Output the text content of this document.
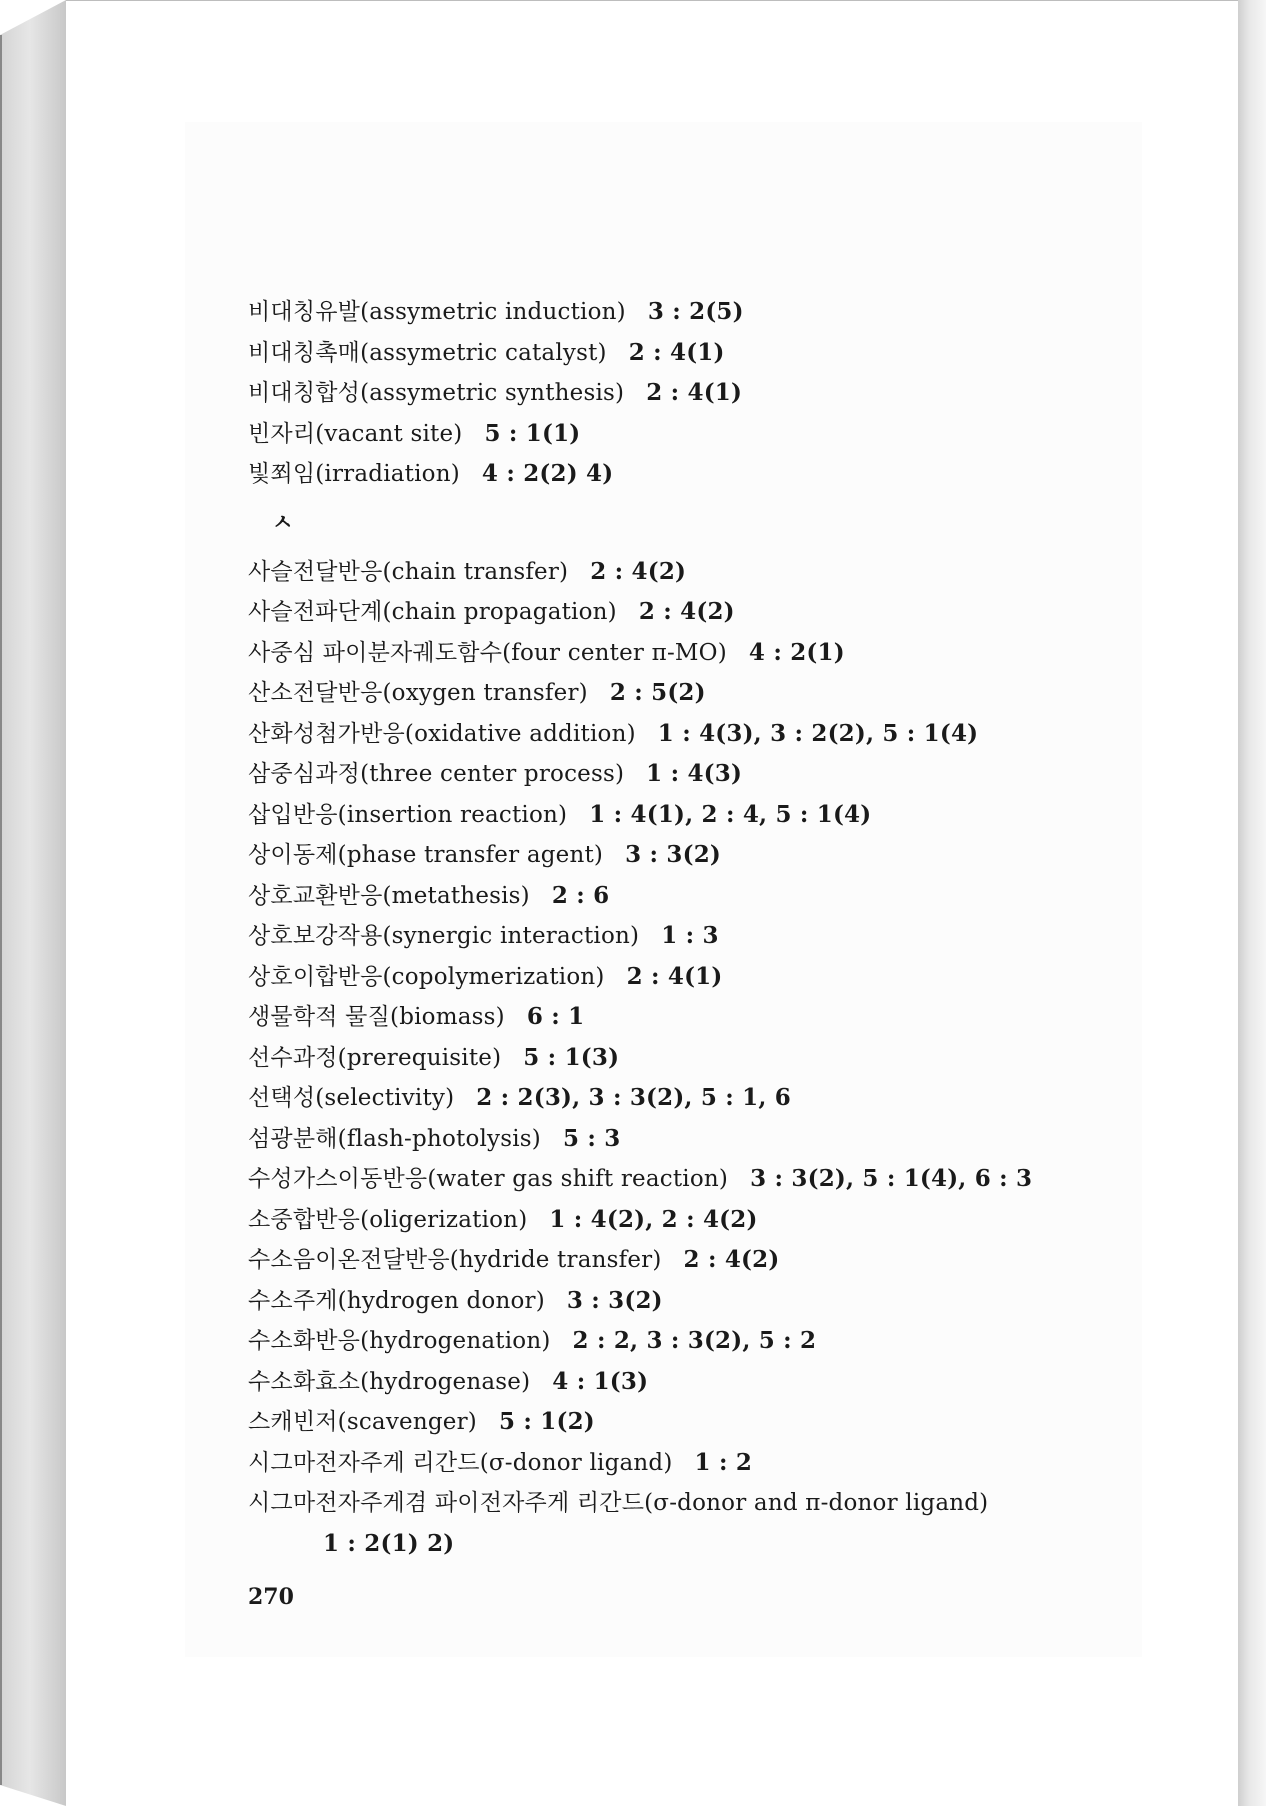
비대칭유발(assymetric induction) 3 : 2(5)
비대칭촉매(assymetric catalyst) 2 : 4(1)
비대칭합성(assymetric synthesis) 2 : 4(1)
빈자리(vacant site) 5 : 1(1)
빛쬐임(irradiation) 4 : 2(2) 4)
ㅅ
사슬전달반응(chain transfer) 2 : 4(2)
사슬전파단계(chain propagation) 2 : 4(2)
사중심 파이분자궤도함수(four center π-MO) 4 : 2(1)
산소전달반응(oxygen transfer) 2 : 5(2)
산화성첨가반응(oxidative addition) 1 : 4(3), 3 : 2(2), 5 : 1(4)
삼중심과정(three center process) 1 : 4(3)
삽입반응(insertion reaction) 1 : 4(1), 2 : 4, 5 : 1(4)
상이동제(phase transfer agent) 3 : 3(2)
상호교환반응(metathesis) 2 : 6
상호보강작용(synergic interaction) 1 : 3
상호이합반응(copolymerization) 2 : 4(1)
생물학적 물질(biomass) 6 : 1
선수과정(prerequisite) 5 : 1(3)
선택성(selectivity) 2 : 2(3), 3 : 3(2), 5 : 1, 6
섬광분해(flash-photolysis) 5 : 3
수성가스이동반응(water gas shift reaction) 3 : 3(2), 5 : 1(4), 6 : 3
소중합반응(oligerization) 1 : 4(2), 2 : 4(2)
수소음이온전달반응(hydride transfer) 2 : 4(2)
수소주게(hydrogen donor) 3 : 3(2)
수소화반응(hydrogenation) 2 : 2, 3 : 3(2), 5 : 2
수소화효소(hydrogenase) 4 : 1(3)
스캐빈저(scavenger) 5 : 1(2)
시그마전자주게 리간드(σ-donor ligand) 1 : 2
시그마전자주게겸 파이전자주게 리간드(σ-donor and π-donor ligand)
1 : 2(1) 2)
270
